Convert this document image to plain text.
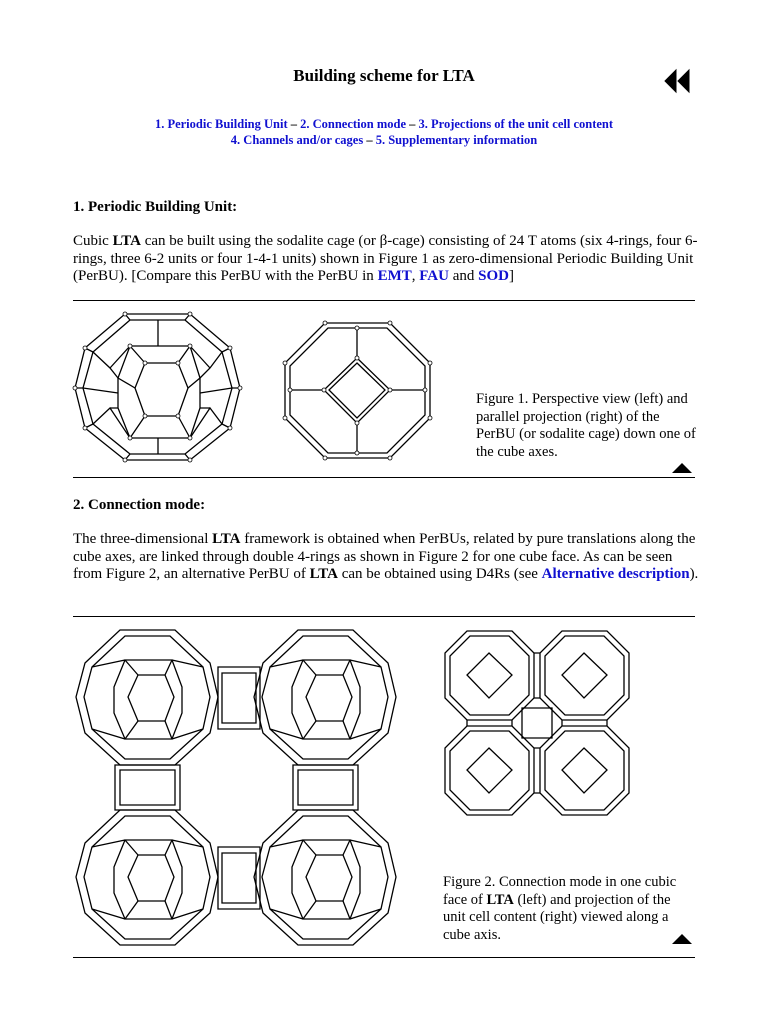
Building scheme for LTA
1. Periodic Building Unit – 2. Connection mode – 3. Projections of the unit cell content
4. Channels and/or cages – 5. Supplementary information
1. Periodic Building Unit:
Cubic LTA can be built using the sodalite cage (or β-cage) consisting of 24 T atoms (six 4-rings, four 6-rings, three 6-2 units or four 1-4-1 units) shown in Figure 1 as zero-dimensional Periodic Building Unit (PerBU). [Compare this PerBU with the PerBU in EMT, FAU and SOD]
Figure 1. Perspective view (left) and parallel projection (right) of the PerBU (or sodalite cage) down one of the cube axes.
2. Connection mode:
The three-dimensional LTA framework is obtained when PerBUs, related by pure translations along the cube axes, are linked through double 4-rings as shown in Figure 2 for one cube face. As can be seen from Figure 2, an alternative PerBU of LTA can be obtained using D4Rs (see Alternative description).
Figure 2. Connection mode in one cubic face of LTA (left) and projection of the unit cell content (right) viewed along a cube axis.
